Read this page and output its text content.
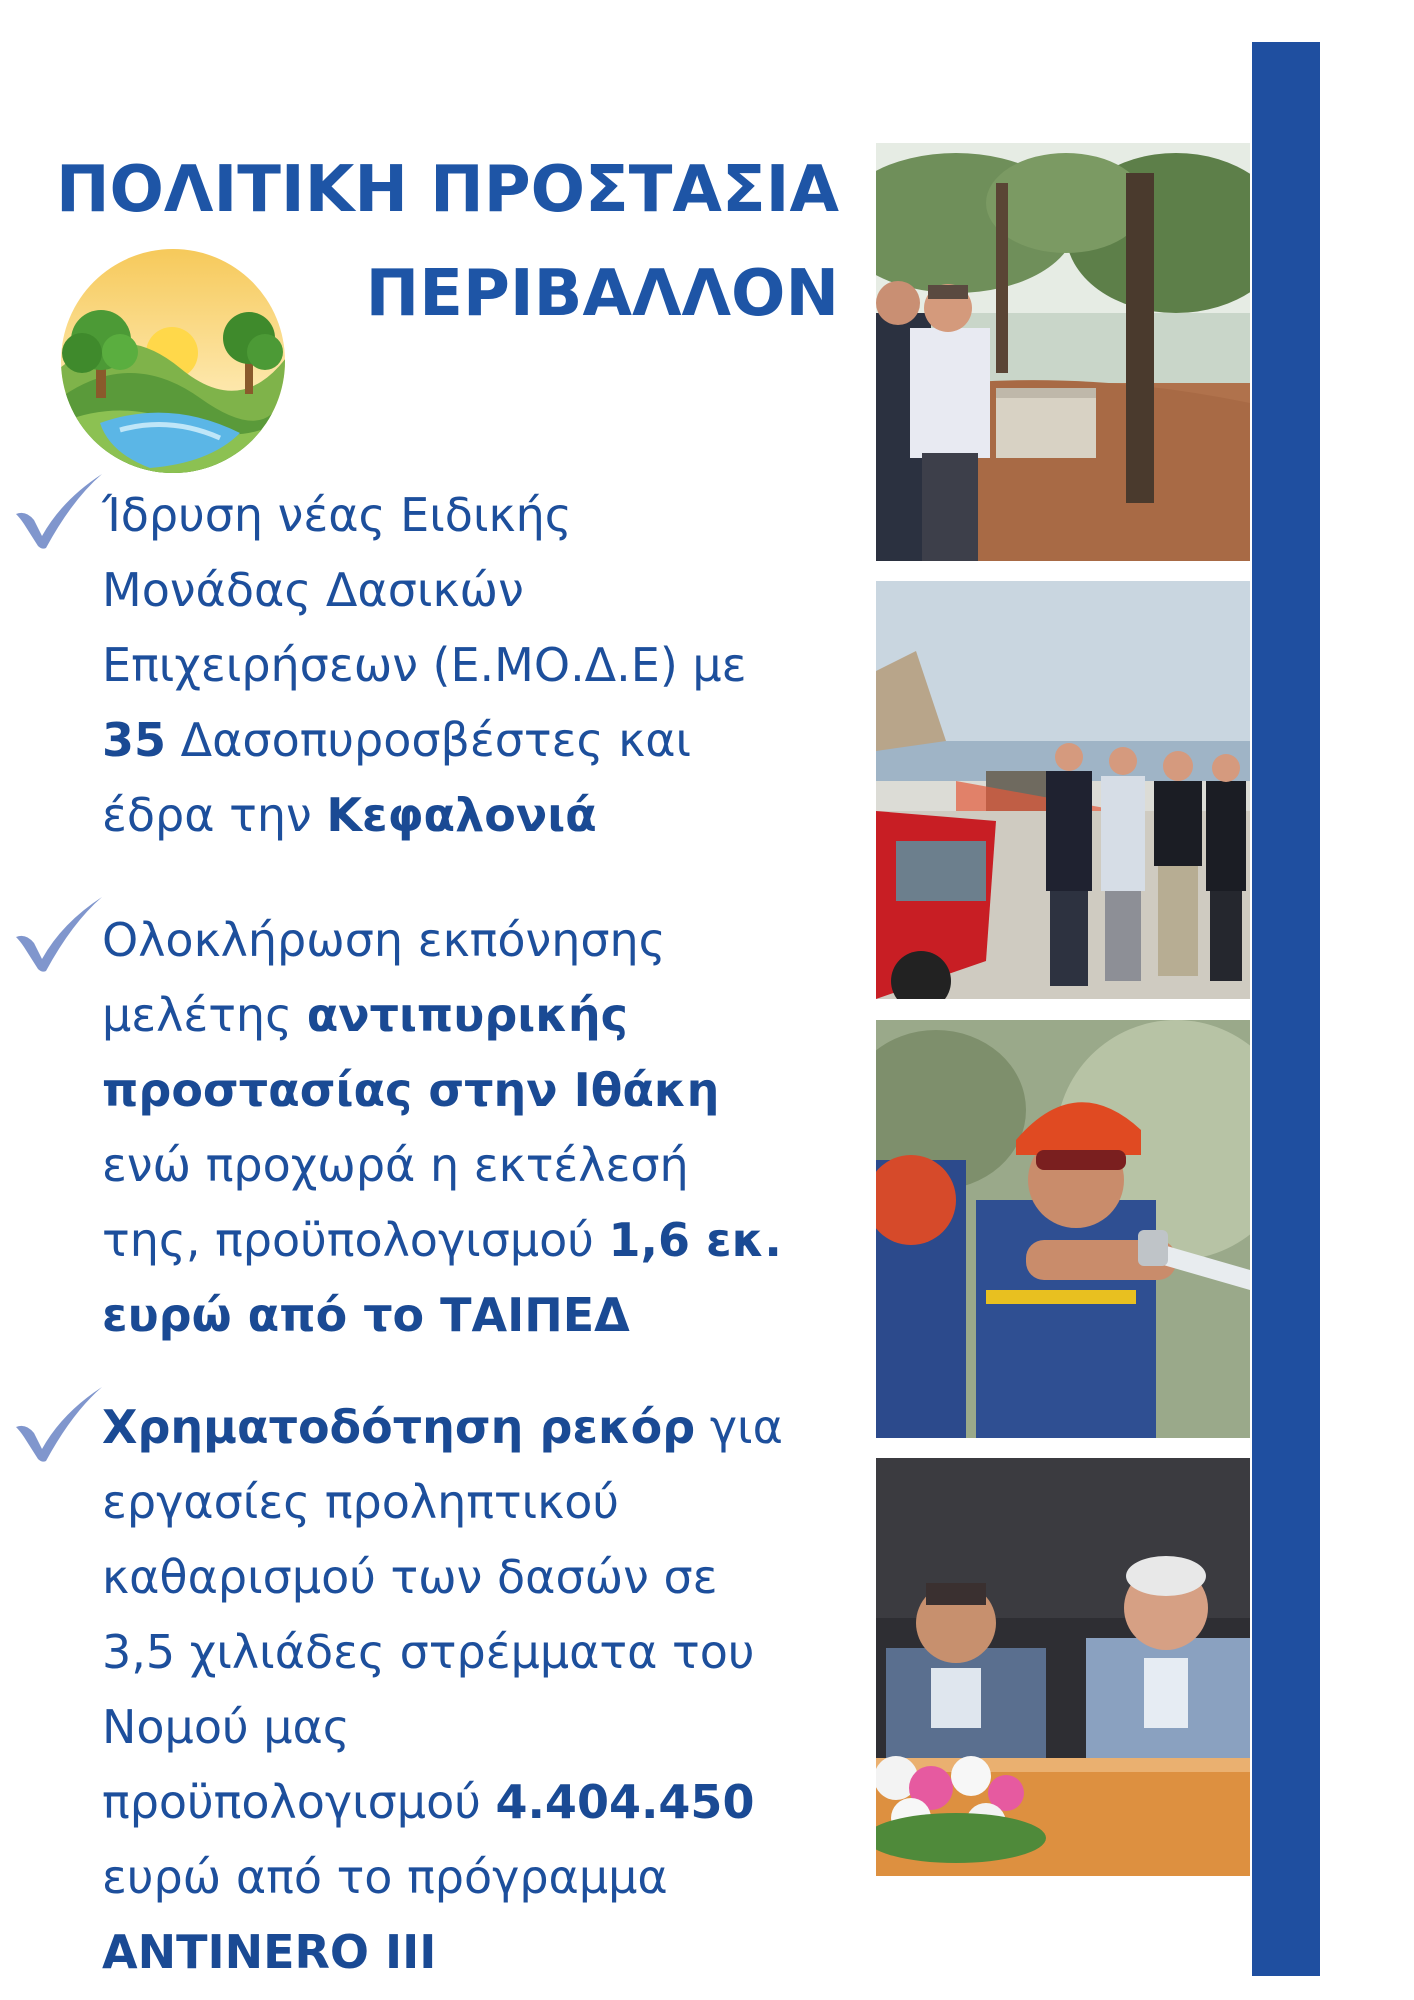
ΠΟΛΙΤΙΚΗ ΠΡΟΣΤΑΣΙΑ
ΠΕΡΙΒΑΛΛΟΝ
Ίδρυση νέας Ειδικής
Μονάδας Δασικών
Επιχειρήσεων (Ε.ΜΟ.Δ.Ε) με
35 Δασοπυροσβέστες και
έδρα την Κεφαλονιά
Ολοκλήρωση εκπόνησης
μελέτης αντιπυρικής
προστασίας στην Ιθάκη
ενώ προχωρά η εκτέλεσή
της, προϋπολογισμού 1,6 εκ.
ευρώ από το ΤΑΙΠΕΔ
Χρηματοδότηση ρεκόρ για
εργασίες προληπτικού
καθαρισμού των δασών σε
3,5 χιλιάδες στρέμματα του
Νομού μας
προϋπολογισμού 4.404.450
ευρώ από το πρόγραμμα
ANTINERO III
